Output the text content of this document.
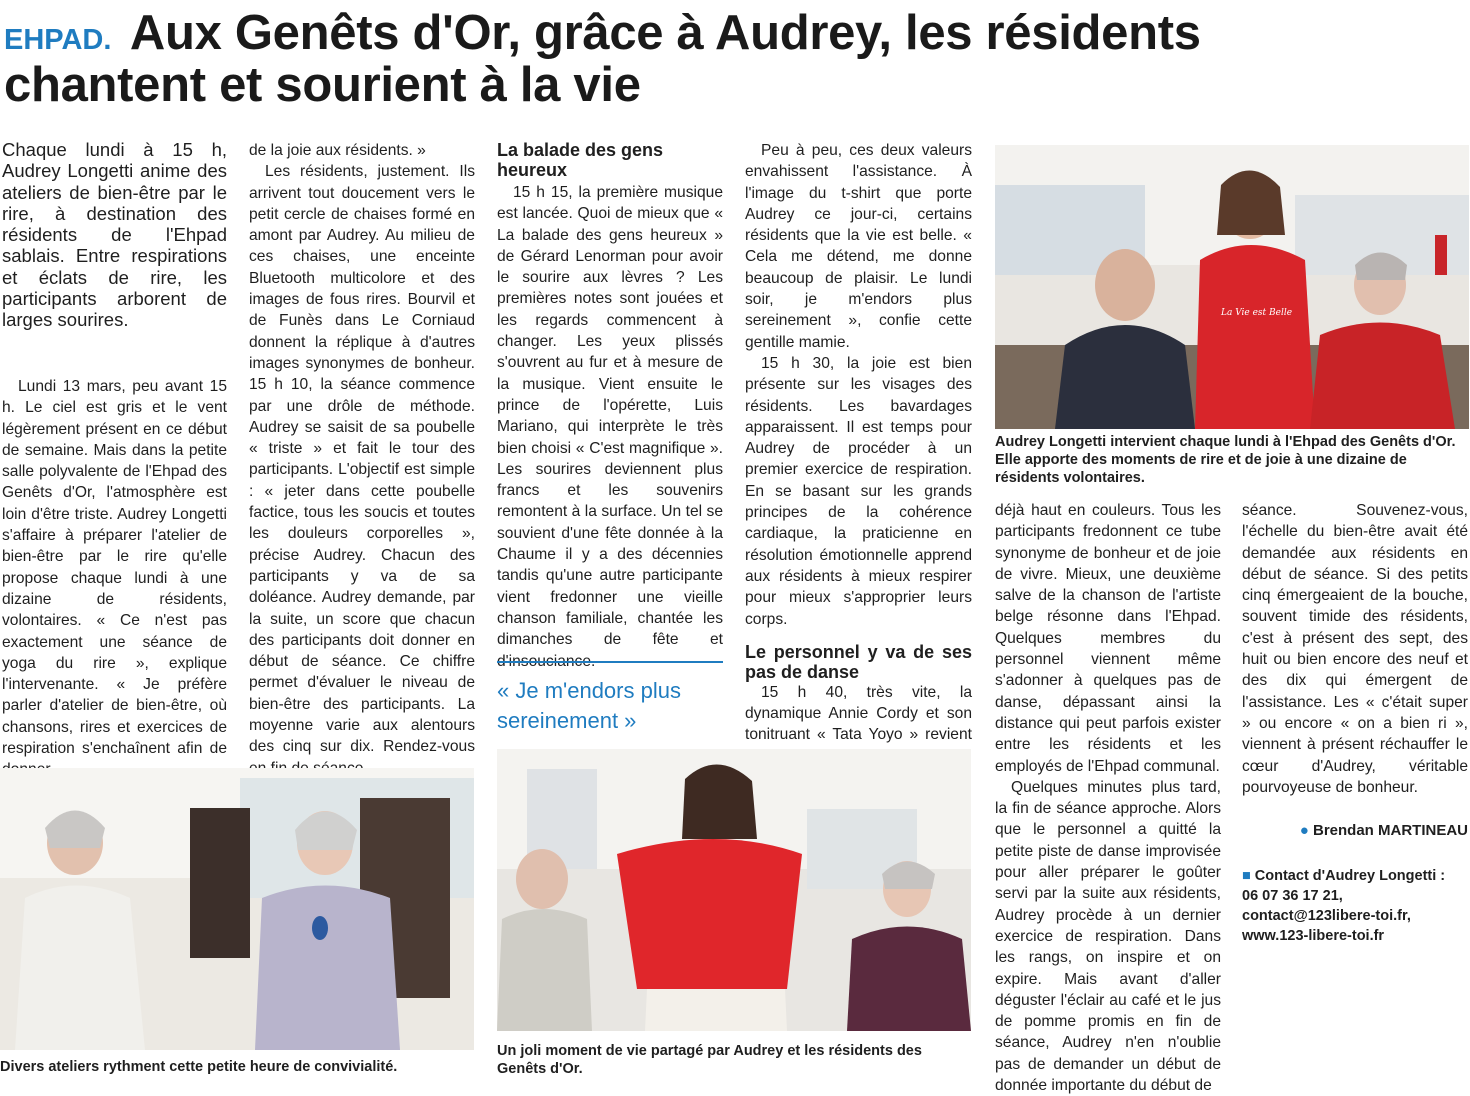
EHPAD. Aux Genêts d'Or, grâce à Audrey, les résidents
chantent et sourient à la vie
Chaque lundi à 15 h, Audrey Longetti anime des ateliers de bien-être par le rire, à destination des résidents de l'Ehpad sablais. Entre respirations et éclats de rire, les participants arborent de larges sourires.

Lundi 13 mars, peu avant 15 h. Le ciel est gris et le vent légèrement présent en ce début de semaine. Mais dans la petite salle polyvalente de l'Ehpad des Genêts d'Or, l'atmosphère est loin d'être triste. Audrey Longetti s'affaire à préparer l'atelier de bien-être par le rire qu'elle propose chaque lundi à une dizaine de résidents, volontaires. « Ce n'est pas exactement une séance de yoga du rire », explique l'intervenante. « Je préfère parler d'atelier de bien-être, où chansons, rires et exercices de respiration s'enchaînent afin de

de la joie aux résidents. »

Les résidents, justement. Ils arrivent tout doucement vers le petit cercle de chaises formé en amont par Audrey. Au milieu de ces chaises, une enceinte Bluetooth multicolore et des images de fous rires. Bourvil et de Funès dans Le Corniaud donnent la réplique à d'autres images synonymes de bonheur. 15 h 10, la séance commence par une drôle de méthode. Audrey se saisit de sa poubelle « triste » et fait le tour des participants. L'objectif est simple : « jeter dans cette poubelle factice, tous les soucis et toutes les douleurs corporelles », précise Audrey. Chacun des participants y va de sa doléance. Audrey demande, par la suite, un score que chacun des participants doit donner en début de séance. Ce chiffre permet d'évaluer le niveau de bien-être des participants. La moyenne varie aux alentours des cinq sur dix. Rendez-vous

La balade des gens heureux

15 h 15, la première musique est lancée. Quoi de mieux que « La balade des gens heureux » de Gérard Lenorman pour avoir le sourire aux lèvres ? Les premières notes sont jouées et les regards commencent à changer. Les yeux plissés s'ouvrent au fur et à mesure de la musique. Vient ensuite le prince de l'opérette, Luis Mariano, qui interprète le très bien choisi « C'est magnifique ». Les sourires deviennent plus francs et les souvenirs remontent à la surface. Un tel se souvient d'une fête donnée à la Chaume il y a des décennies tandis qu'une autre participante vient fredonner une vieille chanson familiale, chantée les dimanches de fête et d'insouciance.

« Je m'endors plus sereinement »

Peu à peu, ces deux valeurs envahissent l'assistance. À l'image du t-shirt que porte Audrey ce jour-ci, certains résidents que la vie est belle. « Cela me détend, me donne beaucoup de plaisir. Le lundi soir, je m'endors plus sereinement », confie cette gentille mamie.

15 h 30, la joie est bien présente sur les visages des résidents. Les bavardages apparaissent. Il est temps pour Audrey de procéder à un premier exercice de respiration. En se basant sur les grands principes de la cohérence cardiaque, la praticienne en résolution émotionnelle apprend aux résidents à mieux respirer pour mieux s'approprier leurs corps.

Le personnel y va de ses pas de danse

15 h 40, très vite, la dynamique Annie Cordy et son tonitruant « Tata Yoyo » revient

déjà haut en couleurs. Tous les participants fredonnent ce tube synonyme de bonheur et de joie de vivre. Mieux, une deuxième salve de la chanson de l'artiste belge résonne dans l'Ehpad. Quelques membres du personnel viennent même s'adonner à quelques pas de danse, dépassant ainsi la distance qui peut parfois exister entre les résidents et les employés de l'Ehpad communal.

Quelques minutes plus tard, la fin de séance approche. Alors que le personnel a quitté la petite piste de danse improvisée pour aller préparer le goûter servi par la suite aux résidents, Audrey procède à un dernier exercice de respiration. Dans les rangs, on inspire et on expire. Mais avant d'aller déguster l'éclair au café et le jus de pomme promis en fin de séance, Audrey n'en n'oublie pas de demander un début de donnée importante du début de

séance. Souvenez-vous, l'échelle du bien-être avait été demandée aux résidents en début de séance. Si des petits cinq émergeaient de la bouche, souvent timide des résidents, c'est à présent des sept, des huit ou bien encore des neuf et des dix qui émergent de l'assistance. Les « c'était super » ou encore « on a bien ri », viennent à présent réchauffer le cœur d'Audrey, véritable pourvoyeuse de bonheur.

● Brendan MARTINEAU
■ Contact d'Audrey Longetti : 06 07 36 17 21, contact@123libere-toi.fr, www.123-libere-toi.fr
La Vie est Belle
Audrey Longetti intervient chaque lundi à l'Ehpad des Genêts d'Or. Elle apporte des moments de rire et de joie à une dizaine de résidents volontaires.
Divers ateliers rythment cette petite heure de convivialité.
Un joli moment de vie partagé par Audrey et les résidents des Genêts d'Or.
